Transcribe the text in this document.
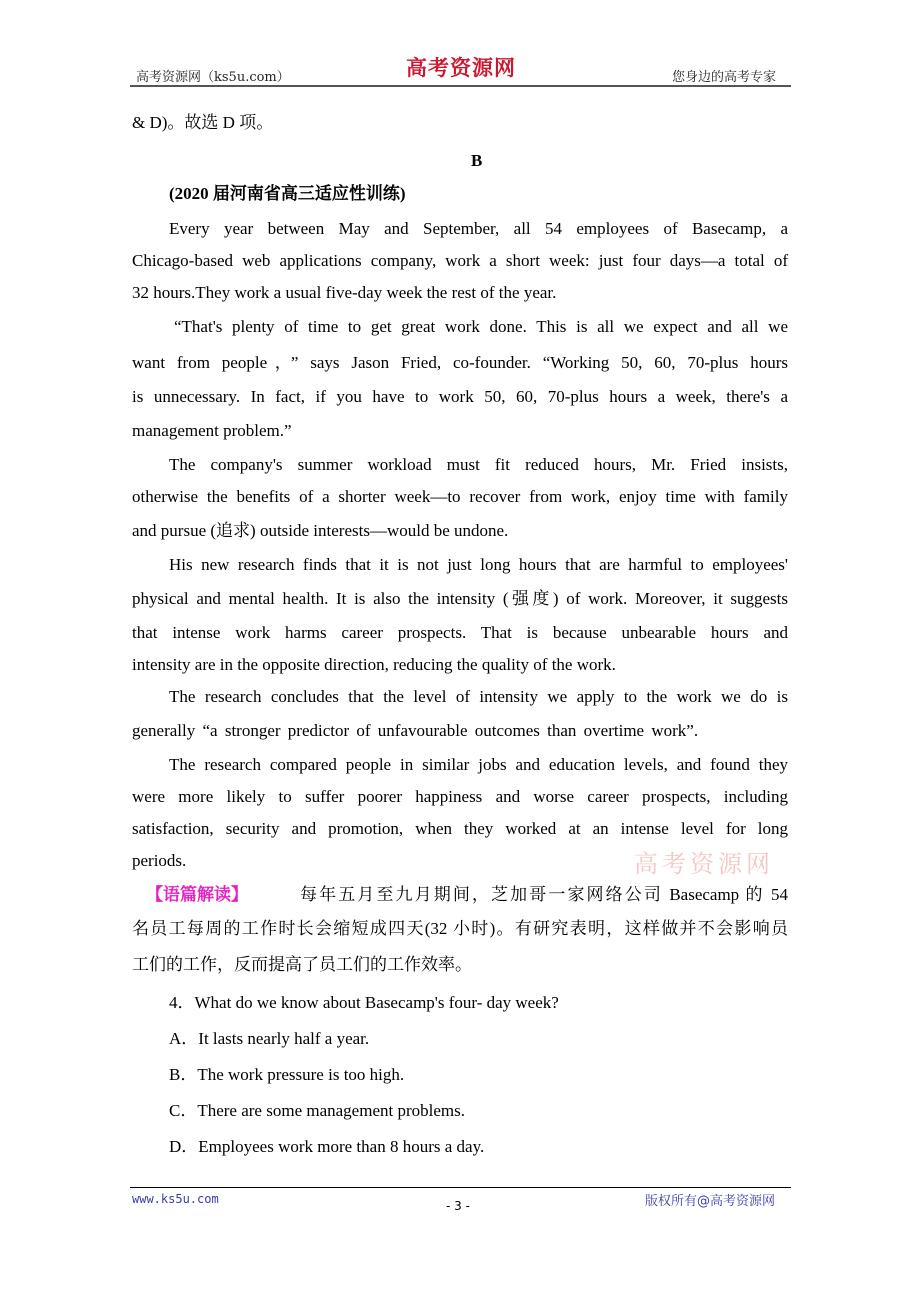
高考资源网（ks5u.com）	高考资源网	您身边的高考专家
& D)。故选 D 项。
B
(2020 届河南省高三适应性训练)
Every year between May and September, all 54 employees of Basecamp, a
Chicago-based web applications company, work a short week: just four days—a total of
32 hours.They work a usual five-day week the rest of the year.
“That's plenty of time to get great work done. This is all we expect and all we
want from people，” says Jason Fried, co-founder. “Working 50, 60, 70-plus hours
is unnecessary. In fact, if you have to work 50, 60, 70-plus hours a week, there's a
management problem.”
The company's summer workload must fit reduced hours, Mr. Fried insists,
otherwise the benefits of a shorter week—to recover from work, enjoy time with family
and pursue (追求) outside interests—would be undone.
His new research finds that it is not just long hours that are harmful to employees'
physical and mental health. It is also the intensity (强度) of work. Moreover, it suggests
that intense work harms career prospects. That is because unbearable hours and
intensity are in the opposite direction, reducing the quality of the work.
The research concludes that the level of intensity we apply to the work we do is
generally “a stronger predictor of unfavourable outcomes than overtime work”.
The research compared people in similar jobs and education levels, and found they
were more likely to suffer poorer happiness and worse career prospects, including
satisfaction, security and promotion, when they worked at an intense level for long
periods.	高考资源网
【语篇解读】	每年五月至九月期间，芝加哥一家网络公司 Basecamp 的 54
名员工每周的工作时长会缩短成四天(32 小时)。有研究表明，这样做并不会影响员
工们的工作，反而提高了员工们的工作效率。
4．What do we know about Basecamp's four- day week?
A．It lasts nearly half a year.
B．The work pressure is too high.
C．There are some management problems.
D．Employees work more than 8 hours a day.
www.ks5u.com	- 3 -	版权所有@高考资源网
